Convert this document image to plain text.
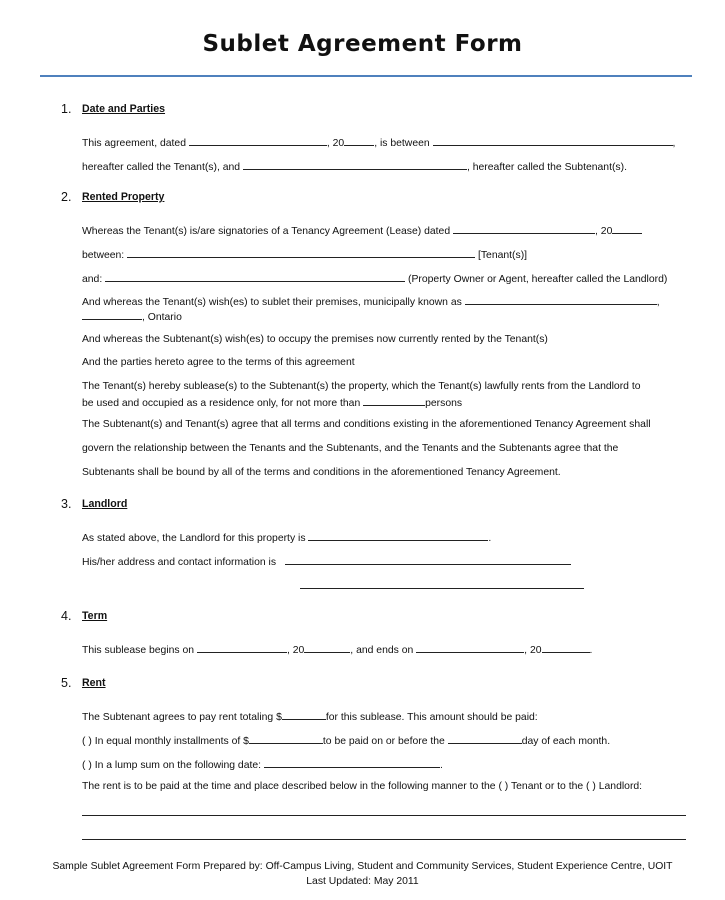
Sublet Agreement Form
1. Date and Parties
This agreement, dated	, 20	, is between	,
hereafter called the Tenant(s), and	, hereafter called the Subtenant(s).
2. Rented Property
Whereas the Tenant(s) is/are signatories of a Tenancy Agreement (Lease) dated	, 20
between:	[Tenant(s)]
and:	(Property Owner or Agent, hereafter called the Landlord)
And whereas the Tenant(s) wish(es) to sublet their premises, municipally known as	,
, Ontario
And whereas the Subtenant(s) wish(es) to occupy the premises now currently rented by the Tenant(s)
And the parties hereto agree to the terms of this agreement
The Tenant(s) hereby sublease(s) to the Subtenant(s) the property, which the Tenant(s) lawfully rents from the Landlord to
be used and occupied as a residence only, for not more than	persons
The Subtenant(s) and Tenant(s) agree that all terms and conditions existing in the aforementioned Tenancy Agreement shall
govern the relationship between the Tenants and the Subtenants, and the Tenants and the Subtenants agree that the
Subtenants shall be bound by all of the terms and conditions in the aforementioned Tenancy Agreement.
3. Landlord
As stated above, the Landlord for this property is	.
His/her address and contact information is
4. Term
This sublease begins on	, 20	, and ends on	, 20	.
5. Rent
The Subtenant agrees to pay rent totaling $	for this sublease. This amount should be paid:
( ) In equal monthly installments of $	to be paid on or before the	day of each month.
( ) In a lump sum on the following date:	.
The rent is to be paid at the time and place described below in the following manner to the ( ) Tenant or to the ( ) Landlord:
Sample Sublet Agreement Form Prepared by: Off-Campus Living, Student and Community Services, Student Experience Centre, UOIT
Last Updated: May 2011
